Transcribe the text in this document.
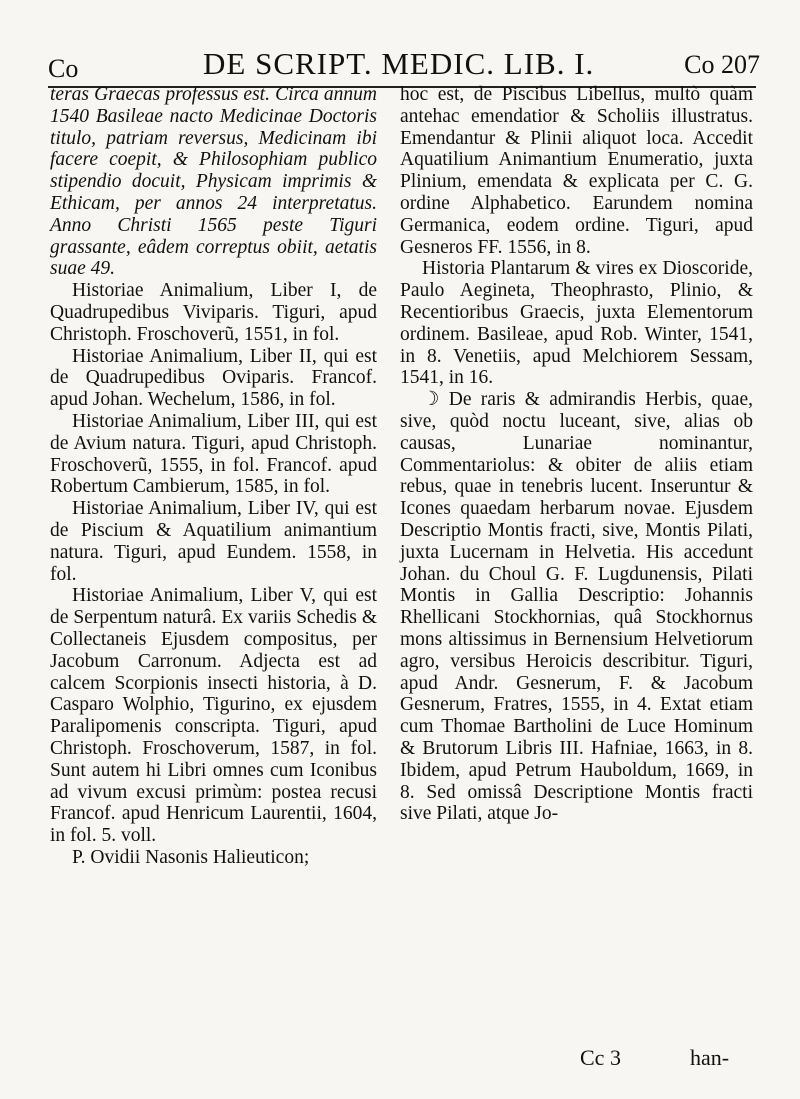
Co	DE SCRIPT. MEDIC. LIB. I.	Co 207

teras Graecas professus est. Circa annum 1540 Basileae nacto Medicinae Doctoris titulo, patriam reversus, Medicinam ibi facere coepit, & Philosophiam publico stipendio docuit, Physicam imprimis & Ethicam, per annos 24 interpretatus. Anno Christi 1565 peste Tiguri grassante, eâdem correptus obiit, aetatis suae 49.

Historiae Animalium, Liber I, de Quadrupedibus Viviparis. Tiguri, apud Christoph. Froschoverũ, 1551, in fol.

Historiae Animalium, Liber II, qui est de Quadrupedibus Oviparis. Francof. apud Johan. Wechelum, 1586, in fol.

Historiae Animalium, Liber III, qui est de Avium natura. Tiguri, apud Christoph. Froschoverũ, 1555, in fol. Francof. apud Robertum Cambierum, 1585, in fol.

Historiae Animalium, Liber IV, qui est de Piscium & Aquatilium animantium natura. Tiguri, apud Eundem. 1558, in fol.

Historiae Animalium, Liber V, qui est de Serpentum naturâ. Ex variis Schedis & Collectaneis Ejusdem compositus, per Jacobum Carronum. Adjecta est ad calcem Scorpionis insecti historia, à D. Casparo Wolphio, Tigurino, ex ejusdem Paralipomenis conscripta. Tiguri, apud Christoph. Froschoverum, 1587, in fol. Sunt autem hi Libri omnes cum Iconibus ad vivum excusi primùm: postea recusi Francof. apud Henricum Laurentii, 1604, in fol. 5. voll.

P. Ovidii Nasonis Halieuticon;

hoc est, de Piscibus Libellus, multò quàm antehac emendatior & Scholiis illustratus. Emendantur & Plinii aliquot loca. Accedit Aquatilium Animantium Enumeratio, juxta Plinium, emendata & explicata per C. G. ordine Alphabetico. Earundem nomina Germanica, eodem ordine. Tiguri, apud Gesneros FF. 1556, in 8.

Historia Plantarum & vires ex Dioscoride, Paulo Aegineta, Theophrasto, Plinio, & Recentioribus Graecis, juxta Elementorum ordinem. Basileae, apud Rob. Winter, 1541, in 8. Venetiis, apud Melchiorem Sessam, 1541, in 16.

☽ De raris & admirandis Herbis, quae, sive, quòd noctu luceant, sive, alias ob causas, Lunariae nominantur, Commentariolus: & obiter de aliis etiam rebus, quae in tenebris lucent. Inseruntur & Icones quaedam herbarum novae. Ejusdem Descriptio Montis fracti, sive, Montis Pilati, juxta Lucernam in Helvetia. His accedunt Johan. du Choul G. F. Lugdunensis, Pilati Montis in Gallia Descriptio: Johannis Rhellicani Stockhornias, quâ Stockhornus mons altissimus in Bernensium Helvetiorum agro, versibus Heroicis describitur. Tiguri, apud Andr. Gesnerum, F. & Jacobum Gesnerum, Fratres, 1555, in 4. Extat etiam cum Thomae Bartholini de Luce Hominum & Brutorum Libris III. Hafniae, 1663, in 8. Ibidem, apud Petrum Hauboldum, 1669, in 8. Sed omissâ Descriptione Montis fracti sive Pilati, atque Jo-

Cc 3	han-
